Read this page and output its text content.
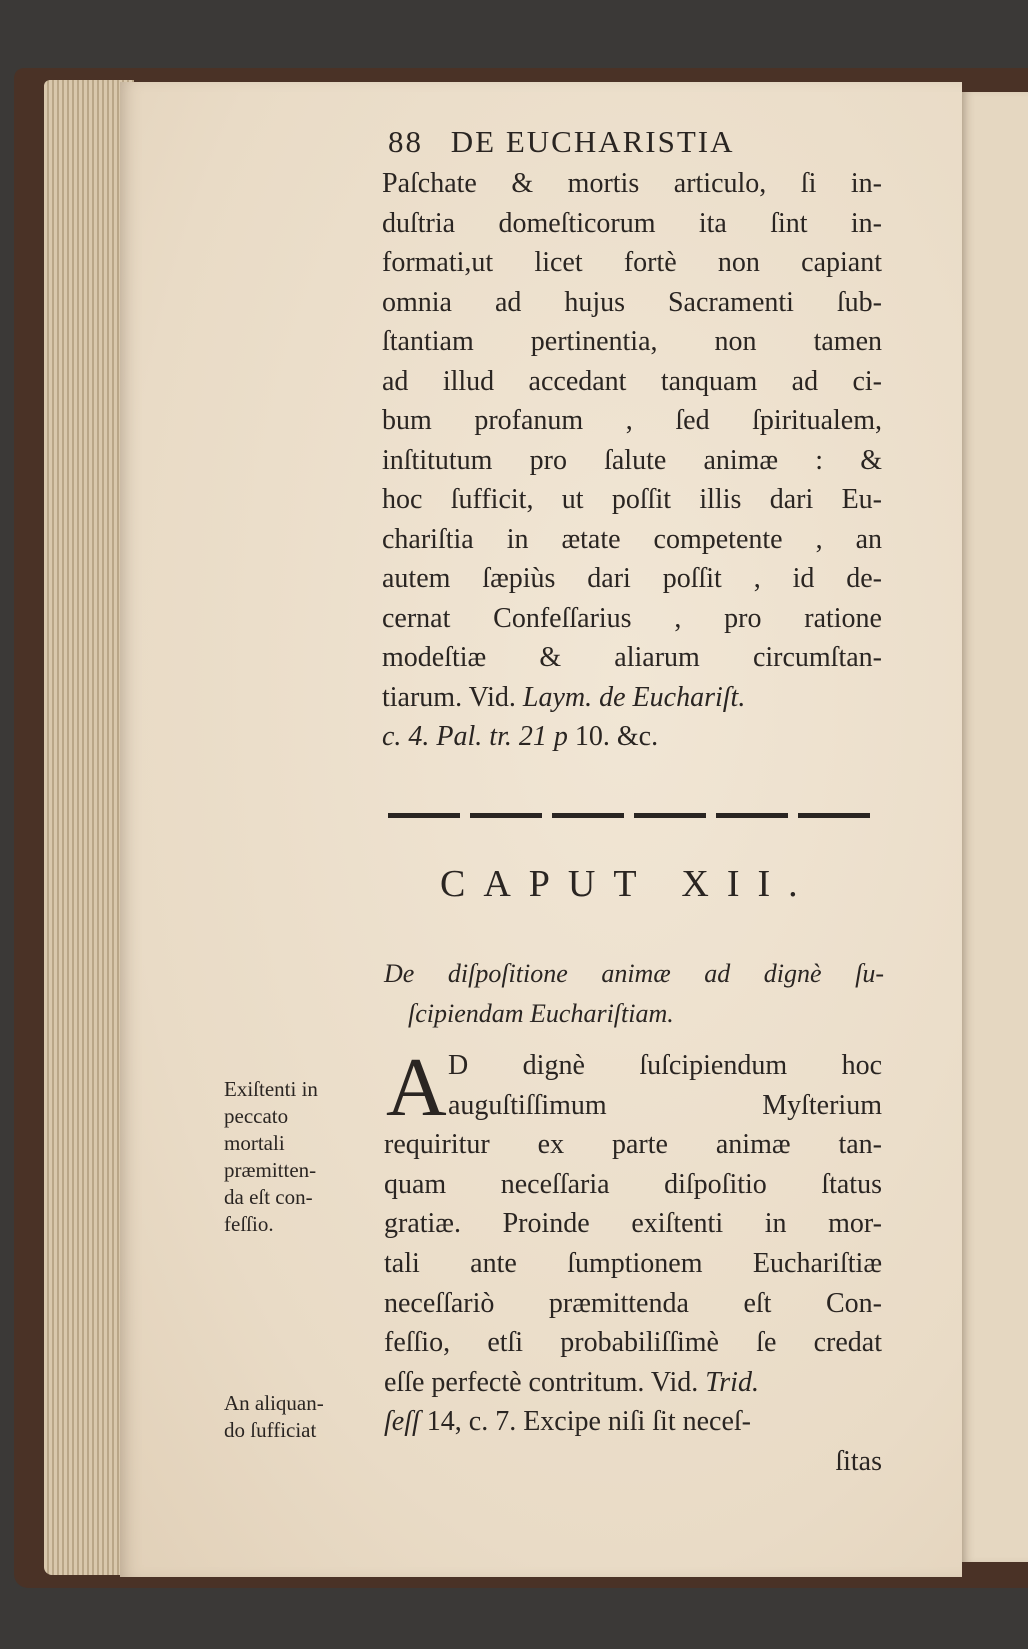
88 DE EUCHARISTIA
Paſchate & mortis articulo, ſi in-
duſtria domeſticorum ita ſint in-
formati,ut licet fortè non capiant
omnia ad hujus Sacramenti ſub-
ſtantiam pertinentia, non tamen
ad illud accedant tanquam ad ci-
bum profanum , ſed ſpiritualem,
inſtitutum pro ſalute animæ : &
hoc ſufficit, ut poſſit illis dari Eu-
chariſtia in ætate competente , an
autem ſæpiùs dari poſſit , id de-
cernat Confeſſarius , pro ratione
modeſtiæ & aliarum circumſtan-
tiarum. Vid. Laym. de Euchariſt.
c. 4. Pal. tr. 21 p 10. &c.
CAPUT XII.
De diſpoſitione animæ ad dignè ſu-
ſcipiendam Euchariſtiam.
A D dignè ſuſcipiendum hoc
auguſtiſſimum Myſterium
requiritur ex parte animæ tan-
quam neceſſaria diſpoſitio ſtatus
gratiæ. Proinde exiſtenti in mor-
tali ante ſumptionem Euchariſtiæ
neceſſariò præmittenda eſt Con-
feſſio, etſi probabiliſſimè ſe credat
eſſe perfectè contritum. Vid. Trid.
ſeſſ 14, c. 7. Excipe niſi ſit neceſ-
ſitas
Exiſtenti in
peccato
mortali
præmitten-
da eſt con-
feſſio.
An aliquan-
do ſufficiat
